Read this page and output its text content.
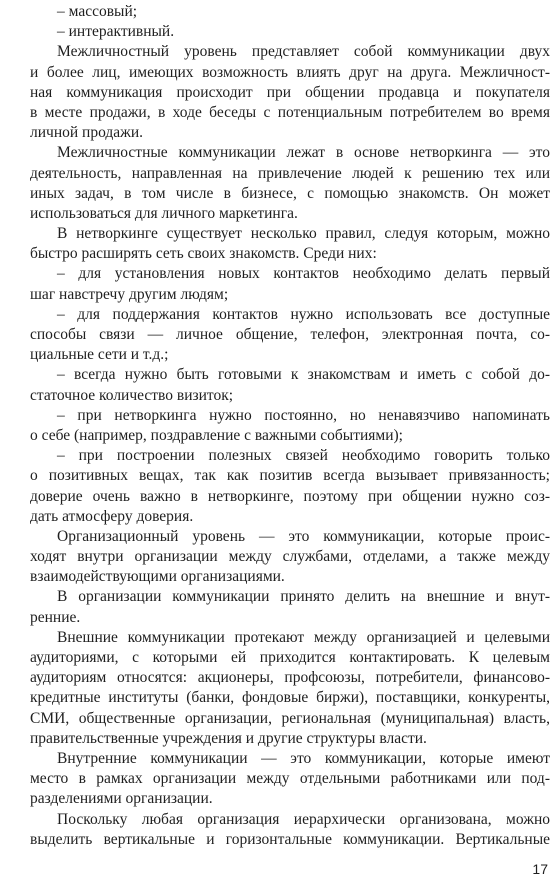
– массовый;
– интерактивный.
Межличностный уровень представляет собой коммуникации двух
и более лиц, имеющих возможность влиять друг на друга. Межличност-
ная коммуникация происходит при общении продавца и покупателя
в месте продажи, в ходе беседы с потенциальным потребителем во время
личной продажи.
Межличностные коммуникации лежат в основе нетворкинга — это
деятельность, направленная на привлечение людей к решению тех или
иных задач, в том числе в бизнесе, с помощью знакомств. Он может
использоваться для личного маркетинга.
В нетворкинге существует несколько правил, следуя которым, можно
быстро расширять сеть своих знакомств. Среди них:
– для установления новых контактов необходимо делать первый
шаг навстречу другим людям;
– для поддержания контактов нужно использовать все доступные
способы связи — личное общение, телефон, электронная почта, со-
циальные сети и т.д.;
– всегда нужно быть готовыми к знакомствам и иметь с собой до-
статочное количество визиток;
– при нетворкинга нужно постоянно, но ненавязчиво напоминать
о себе (например, поздравление с важными событиями);
– при построении полезных связей необходимо говорить только
о позитивных вещах, так как позитив всегда вызывает привязанность;
доверие очень важно в нетворкинге, поэтому при общении нужно соз-
дать атмосферу доверия.
Организационный уровень — это коммуникации, которые проис-
ходят внутри организации между службами, отделами, а также между
взаимодействующими организациями.
В организации коммуникации принято делить на внешние и внут-
ренние.
Внешние коммуникации протекают между организацией и целевыми
аудиториями, с которыми ей приходится контактировать. К целевым
аудиториям относятся: акционеры, профсоюзы, потребители, финансово-
кредитные институты (банки, фондовые биржи), поставщики, конкуренты,
СМИ, общественные организации, региональная (муниципальная) власть,
правительственные учреждения и другие структуры власти.
Внутренние коммуникации — это коммуникации, которые имеют
место в рамках организации между отдельными работниками или под-
разделениями организации.
Поскольку любая организация иерархически организована, можно
выделить вертикальные и горизонтальные коммуникации. Вертикальные
17
